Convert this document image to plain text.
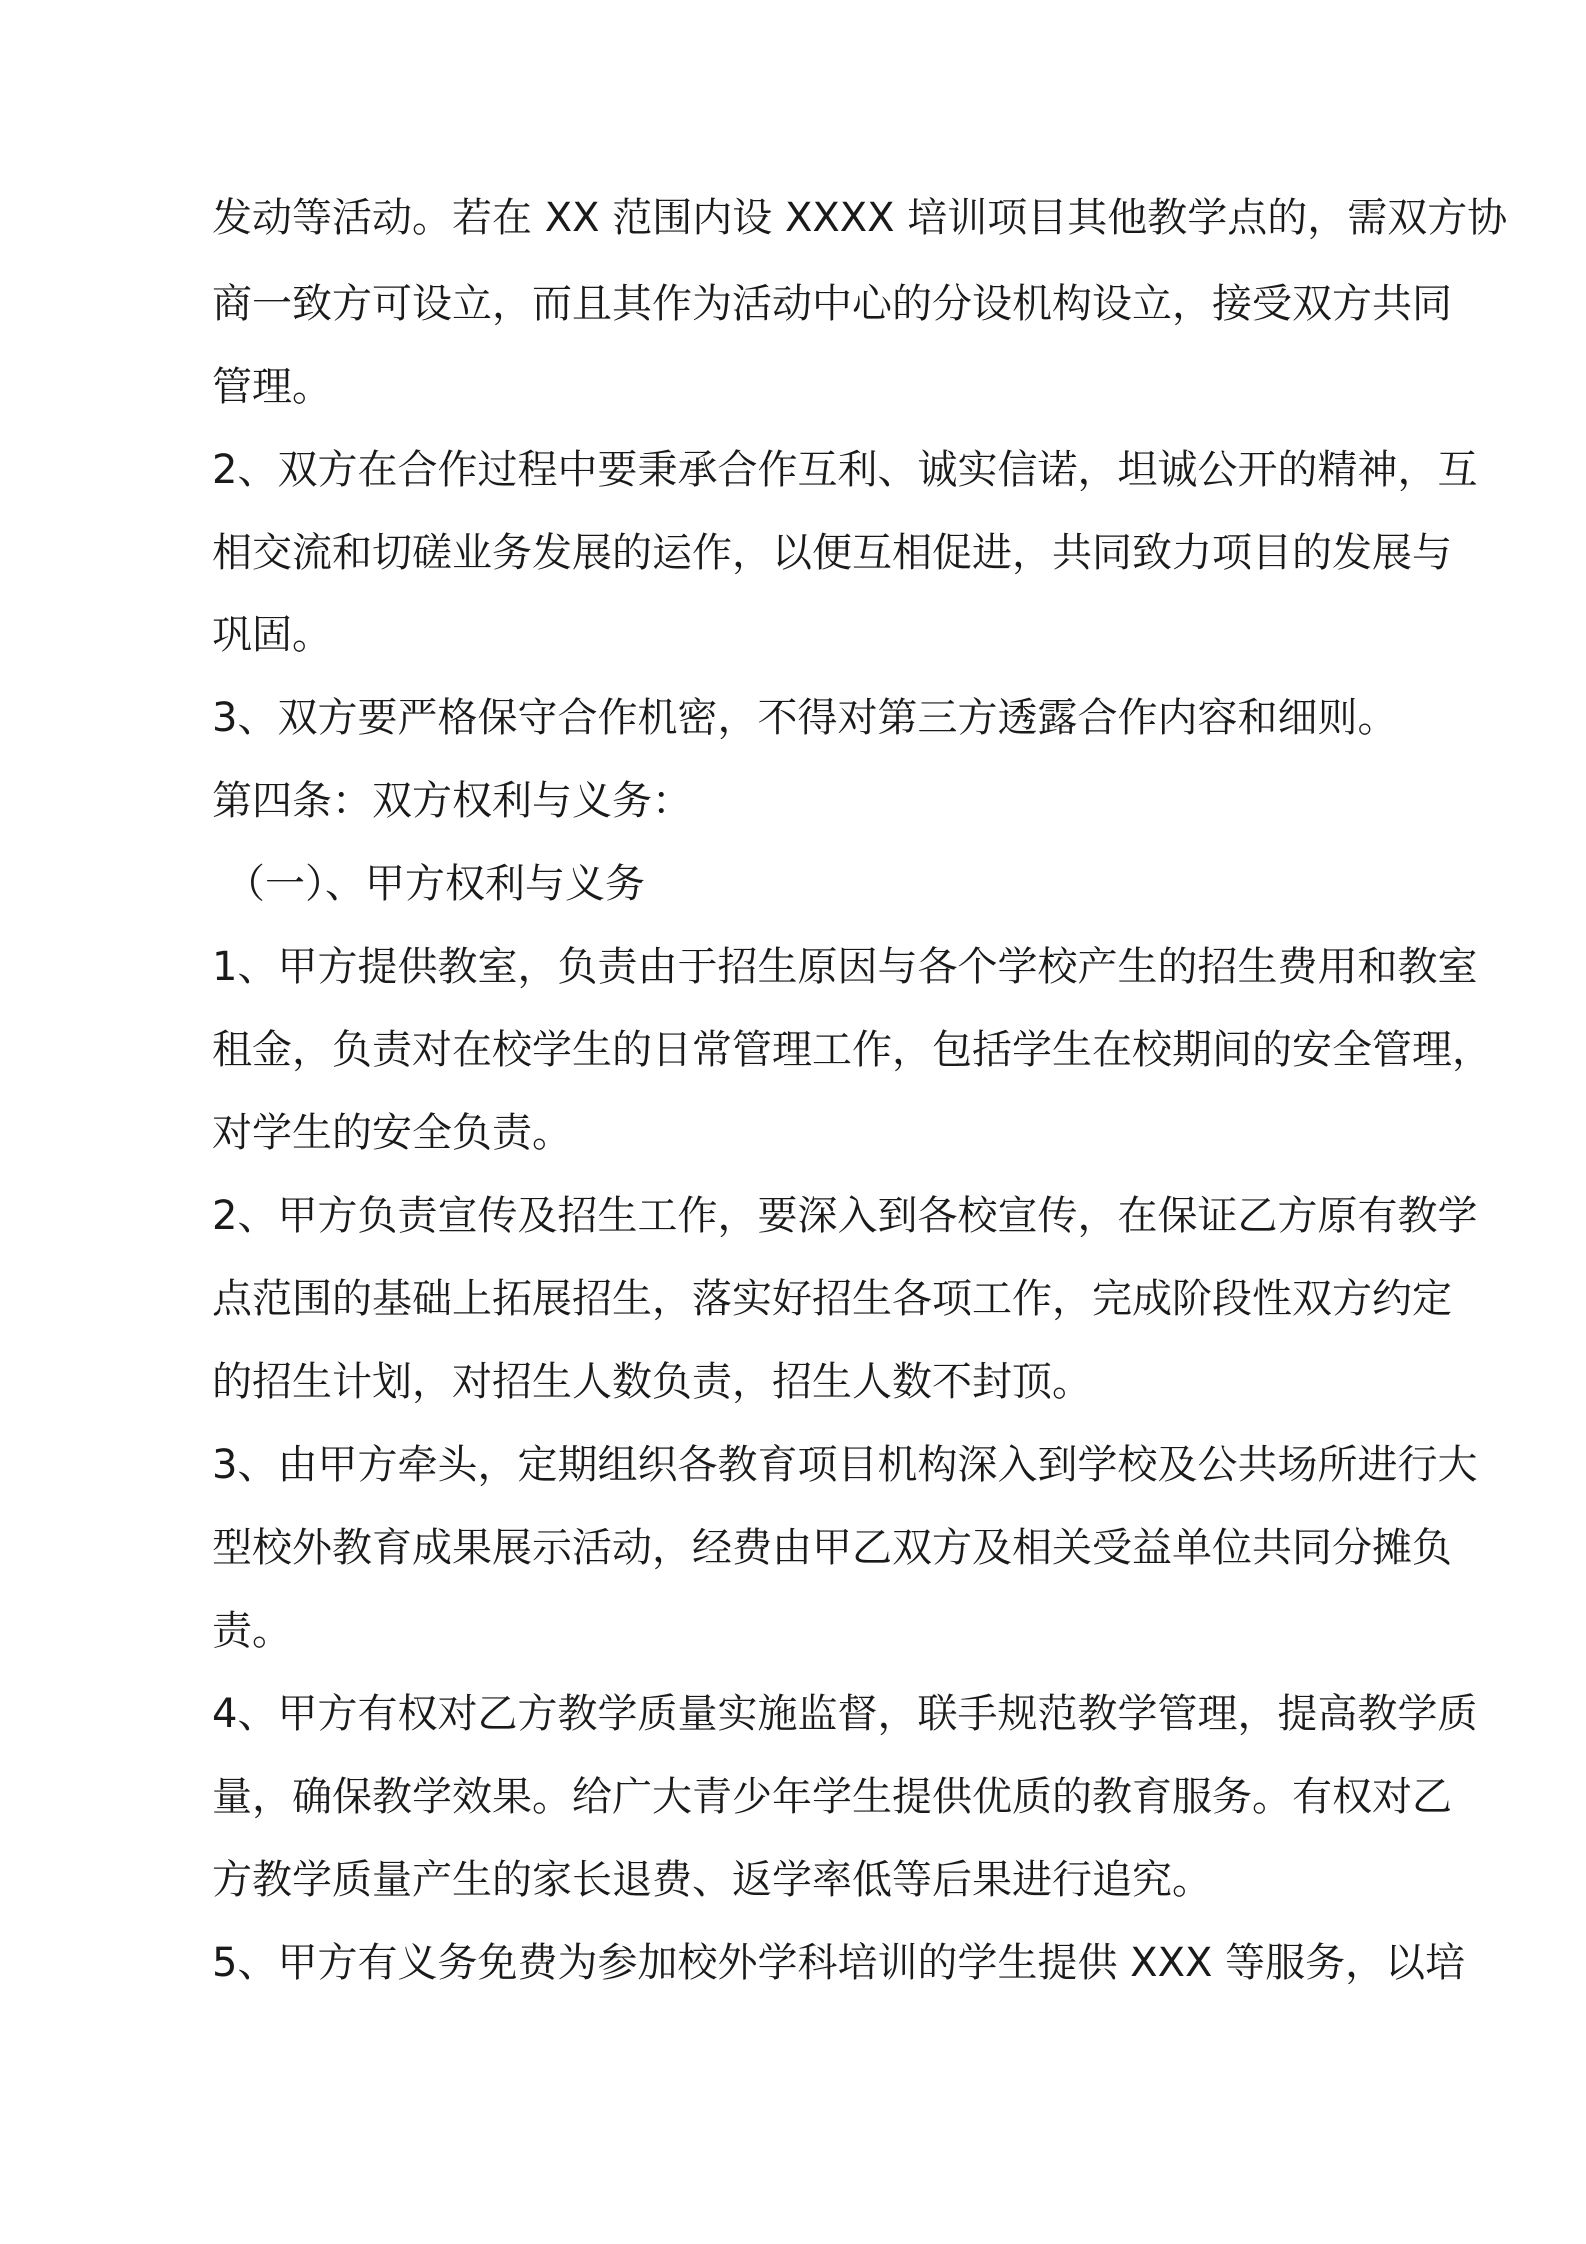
发动等活动。若在 XX 范围内设 XXXX 培训项目其他教学点的，需双方协

商一致方可设立，而且其作为活动中心的分设机构设立，接受双方共同

管理。

2、双方在合作过程中要秉承合作互利、诚实信诺，坦诚公开的精神，互

相交流和切磋业务发展的运作，以便互相促进，共同致力项目的发展与

巩固。

3、双方要严格保守合作机密，不得对第三方透露合作内容和细则。

第四条：双方权利与义务：

（一）、甲方权利与义务

1、甲方提供教室，负责由于招生原因与各个学校产生的招生费用和教室

租金，负责对在校学生的日常管理工作，包括学生在校期间的安全管理，

对学生的安全负责。

2、甲方负责宣传及招生工作，要深入到各校宣传，在保证乙方原有教学

点范围的基础上拓展招生，落实好招生各项工作，完成阶段性双方约定

的招生计划，对招生人数负责，招生人数不封顶。

3、由甲方牵头，定期组织各教育项目机构深入到学校及公共场所进行大

型校外教育成果展示活动，经费由甲乙双方及相关受益单位共同分摊负

责。

4、甲方有权对乙方教学质量实施监督，联手规范教学管理，提高教学质

量，确保教学效果。给广大青少年学生提供优质的教育服务。有权对乙

方教学质量产生的家长退费、返学率低等后果进行追究。

5、甲方有义务免费为参加校外学科培训的学生提供 XXX 等服务，以培
